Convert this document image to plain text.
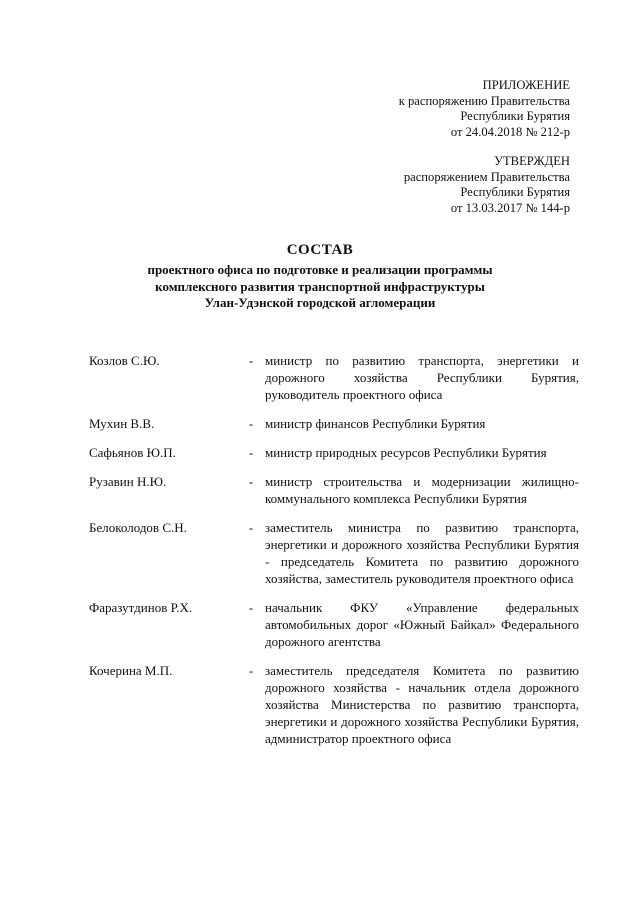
ПРИЛОЖЕНИЕ
к распоряжению Правительства
Республики Бурятия
от 24.04.2018 № 212-р
УТВЕРЖДЕН
распоряжением Правительства
Республики Бурятия
от 13.03.2017 № 144-р
СОСТАВ
проектного офиса по подготовке и реализации программы
комплексного развития транспортной инфраструктуры
Улан-Удэнской городской агломерации
Козлов С.Ю.	- министр по развитию транспорта, энергетики и дорожного хозяйства Республики Бурятия, руководитель проектного офиса
Мухин В.В.	- министр финансов Республики Бурятия
Сафьянов Ю.П.	- министр природных ресурсов Республики Бурятия
Рузавин Н.Ю.	- министр строительства и модернизации жилищно-коммунального комплекса Республики Бурятия
Белоколодов С.Н.	- заместитель министра по развитию транспорта, энергетики и дорожного хозяйства Республики Бурятия - председатель Комитета по развитию дорожного хозяйства, заместитель руководителя проектного офиса
Фаразутдинов Р.Х.	- начальник ФКУ «Управление федеральных автомобильных дорог «Южный Байкал» Федерального дорожного агентства
Кочерина М.П.	- заместитель председателя Комитета по развитию дорожного хозяйства - начальник отдела дорожного хозяйства Министерства по развитию транспорта, энергетики и дорожного хозяйства Республики Бурятия, администратор проектного офиса
